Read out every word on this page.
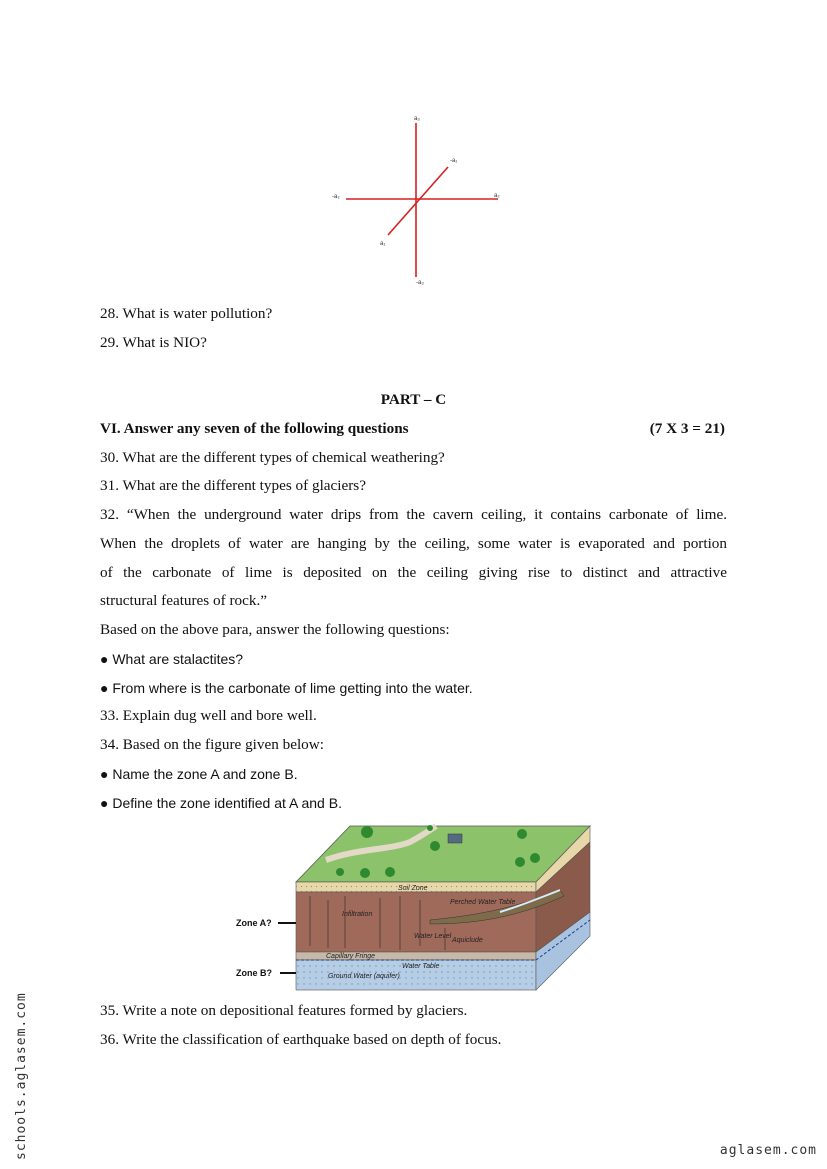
a₃
-a₁
-a₂	a₂
a₁
-a₃
28. What is water pollution?
29. What is NIO?
PART – C
VI. Answer any seven of the following questions	(7 X 3 = 21)
30. What are the different types of chemical weathering?
31. What are the different types of glaciers?
32. “When the underground water drips from the cavern ceiling, it contains carbonate of lime.
When the droplets of water are hanging by the ceiling, some water is evaporated and portion
of the carbonate of lime is deposited on the ceiling giving rise to distinct and attractive
structural features of rock.”
Based on the above para, answer the following questions:
● What are stalactites?
● From where is the carbonate of lime getting into the water.
33. Explain dug well and bore well.
34. Based on the figure given below:
● Name the zone A and zone B.
● Define the zone identified at A and B.
Soil Zone
Infiltration
Perched Water Table
Water Level
Aquiclude
Capillary Fringe
Water Table
Ground Water (aquifer)
Zone A?
Zone B?
35. Write a note on depositional features formed by glaciers.
36. Write the classification of earthquake based on depth of focus.
schools.aglasem.com	aglasem.com
